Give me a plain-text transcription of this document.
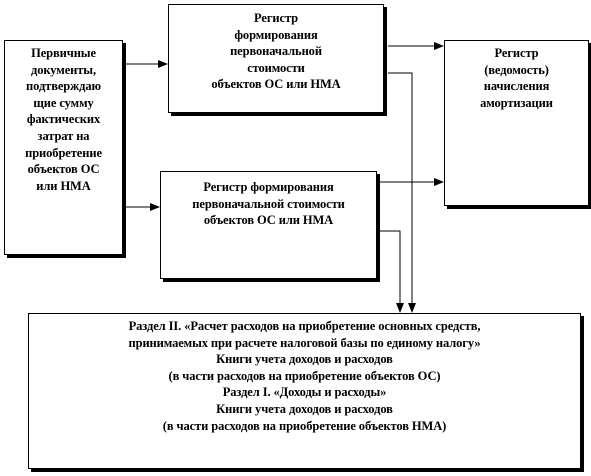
Первичные
документы,
подтверждаю
щие сумму
фактических
затрат на
приобретение
объектов ОС
или НМА
Регистр
формирования
первоначальной
стоимости
объектов ОС или НМА
Регистр
(ведомость)
начисления
амортизации
Регистр формирования
первоначальной стоимости
объектов ОС или НМА
Раздел II. «Расчет расходов на приобретение основных средств,
принимаемых при расчете налоговой базы по единому налогу»
Книги учета доходов и расходов
(в части расходов на приобретение объектов ОС)
Раздел I. «Доходы и расходы»
Книги учета доходов и расходов
(в части расходов на приобретение объектов НМА)
